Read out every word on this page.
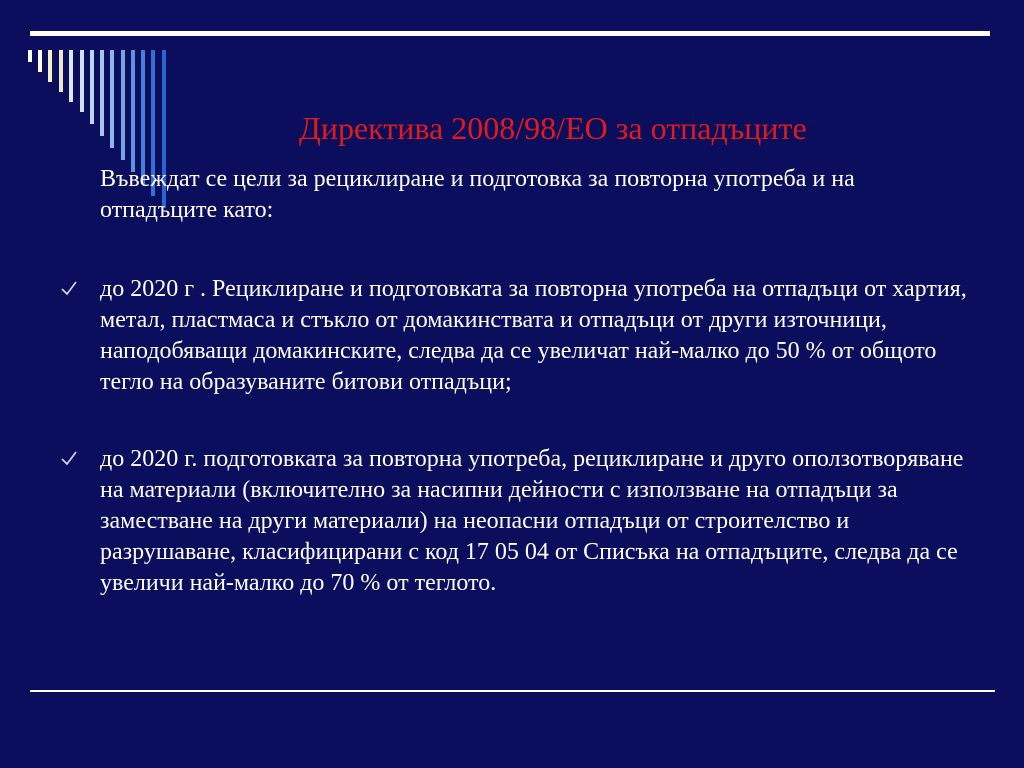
Директива 2008/98/ЕО за отпадъците

Въвеждат се цели за рециклиране и подготовка за повторна употреба и на отпадъците като:

до 2020 г . Рециклиране и подготовката за повторна употреба на отпадъци от хартия, метал, пластмаса и стъкло от домакинствата и отпадъци от други източници, наподобяващи домакинските, следва да се увеличат най-малко до 50 % от общото тегло на образуваните битови отпадъци;
до 2020 г. подготовката за повторна употреба, рециклиране и друго оползотворяване на материали (включително за насипни дейности с използване на отпадъци за заместване на други материали) на неопасни отпадъци от строителство и разрушаване, класифицирани с код 17 05 04 от Списъка на отпадъците, следва да се увеличи най-малко до 70 % от теглото.
